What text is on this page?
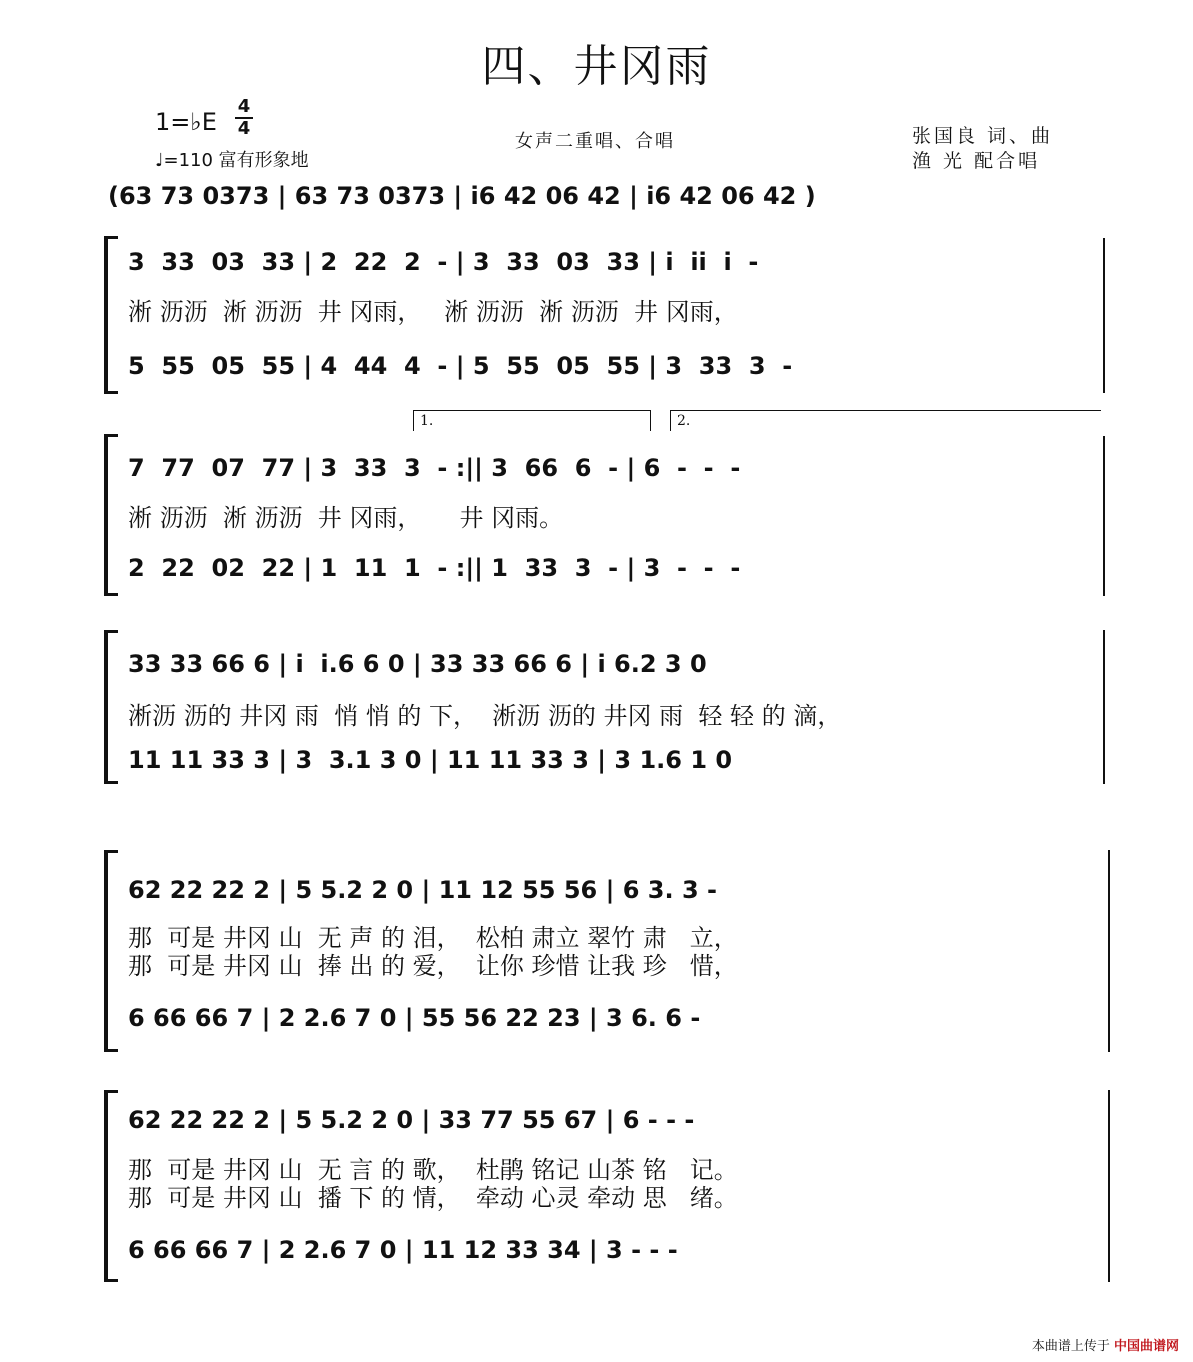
四、井冈雨
1=♭E
4
4
♩=110 富有形象地
女声二重唱、合唱	张国良 词、曲
渔 光 配合唱
(63 73 0373 | 63 73 0373 | i6 42 06 42 | i6 42 06 42 )
3  33  03  33 | 2  22  2  - | 3  33  03  33 | i  ii  i  -
淅 沥沥  淅 沥沥  井 冈雨，   淅 沥沥  淅 沥沥  井 冈雨，
5  55  05  55 | 4  44  4  - | 5  55  05  55 | 3  33  3  -
1.	2.
7  77  07  77 | 3  33  3  - :|| 3  66  6  - | 6  -  -  -
淅 沥沥  淅 沥沥  井 冈雨，     井 冈雨。
2  22  02  22 | 1  11  1  - :|| 1  33  3  - | 3  -  -  -
33 33 66 6 | i  i.6 6 0 | 33 33 66 6 | i 6.2 3 0
淅沥 沥的 井冈 雨  悄 悄 的 下，  淅沥 沥的 井冈 雨  轻 轻 的 滴，
11 11 33 3 | 3  3.1 3 0 | 11 11 33 3 | 3 1.6 1 0
62 22 22 2 | 5 5.2 2 0 | 11 12 55 56 | 6 3. 3 -
那  可是 井冈 山  无 声 的 泪，  松柏 肃立 翠竹 肃   立，
那  可是 井冈 山  捧 出 的 爱，  让你 珍惜 让我 珍   惜，
6 66 66 7 | 2 2.6 7 0 | 55 56 22 23 | 3 6. 6 -
62 22 22 2 | 5 5.2 2 0 | 33 77 55 67 | 6 - - -
那  可是 井冈 山  无 言 的 歌，  杜鹃 铭记 山茶 铭   记。
那  可是 井冈 山  播 下 的 情，  牵动 心灵 牵动 思   绪。
6 66 66 7 | 2 2.6 7 0 | 11 12 33 34 | 3 - - -
本曲谱上传于 中国曲谱网
